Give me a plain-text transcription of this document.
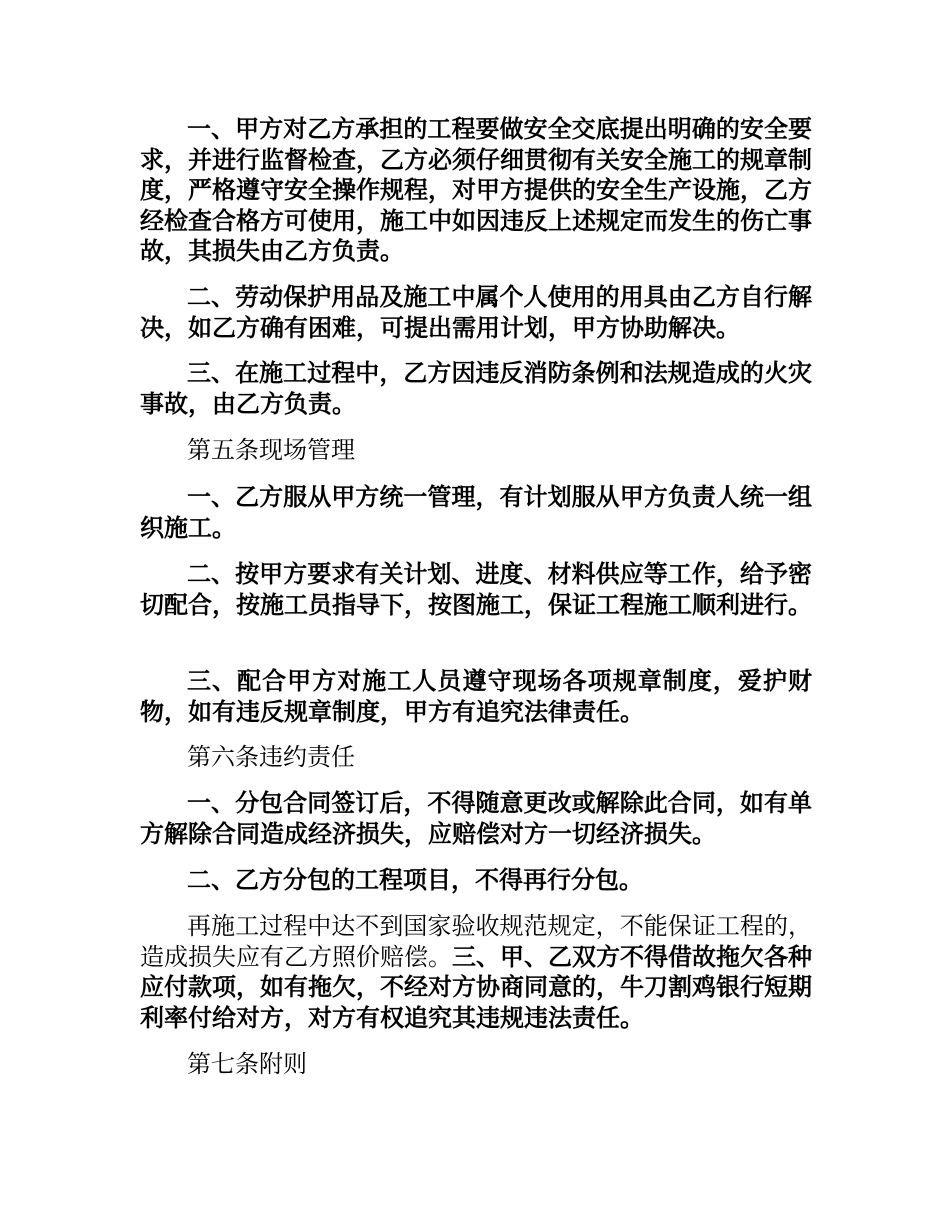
一、甲方对乙方承担的工程要做安全交底提出明确的安全要求，并进行监督检查，乙方必须仔细贯彻有关安全施工的规章制度，严格遵守安全操作规程，对甲方提供的安全生产设施，乙方经检查合格方可使用，施工中如因违反上述规定而发生的伤亡事故，其损失由乙方负责。

二、劳动保护用品及施工中属个人使用的用具由乙方自行解决，如乙方确有困难，可提出需用计划，甲方协助解决。

三、在施工过程中，乙方因违反消防条例和法规造成的火灾事故，由乙方负责。

第五条现场管理

一、乙方服从甲方统一管理，有计划服从甲方负责人统一组织施工。

二、按甲方要求有关计划、进度、材料供应等工作，给予密切配合，按施工员指导下，按图施工，保证工程施工顺利进行。

三、配合甲方对施工人员遵守现场各项规章制度，爱护财物，如有违反规章制度，甲方有追究法律责任。

第六条违约责任

一、分包合同签订后，不得随意更改或解除此合同，如有单方解除合同造成经济损失，应赔偿对方一切经济损失。

二、乙方分包的工程项目，不得再行分包。

再施工过程中达不到国家验收规范规定，不能保证工程的，造成损失应有乙方照价赔偿。三、甲、乙双方不得借故拖欠各种应付款项，如有拖欠，不经对方协商同意的，牛刀割鸡银行短期利率付给对方，对方有权追究其违规违法责任。

第七条附则
